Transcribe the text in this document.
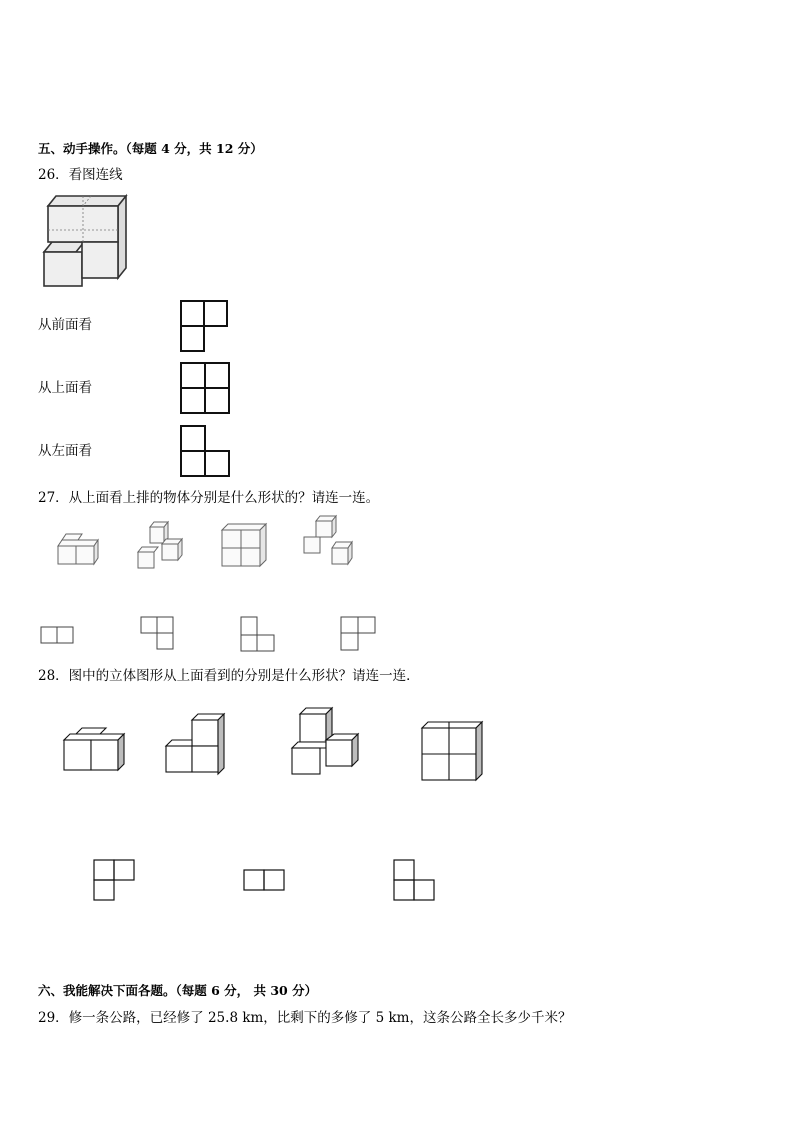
五、动手操作。（每题 4 分，共 12 分）
26．看图连线
从前面看
从上面看
从左面看
27．从上面看上排的物体分别是什么形状的？请连一连。
28．图中的立体图形从上面看到的分别是什么形状？请连一连．
六、我能解决下面各题。（每题 6 分， 共 30 分）
29．修一条公路，已经修了 25.8 km，比剩下的多修了 5 km，这条公路全长多少千米？
